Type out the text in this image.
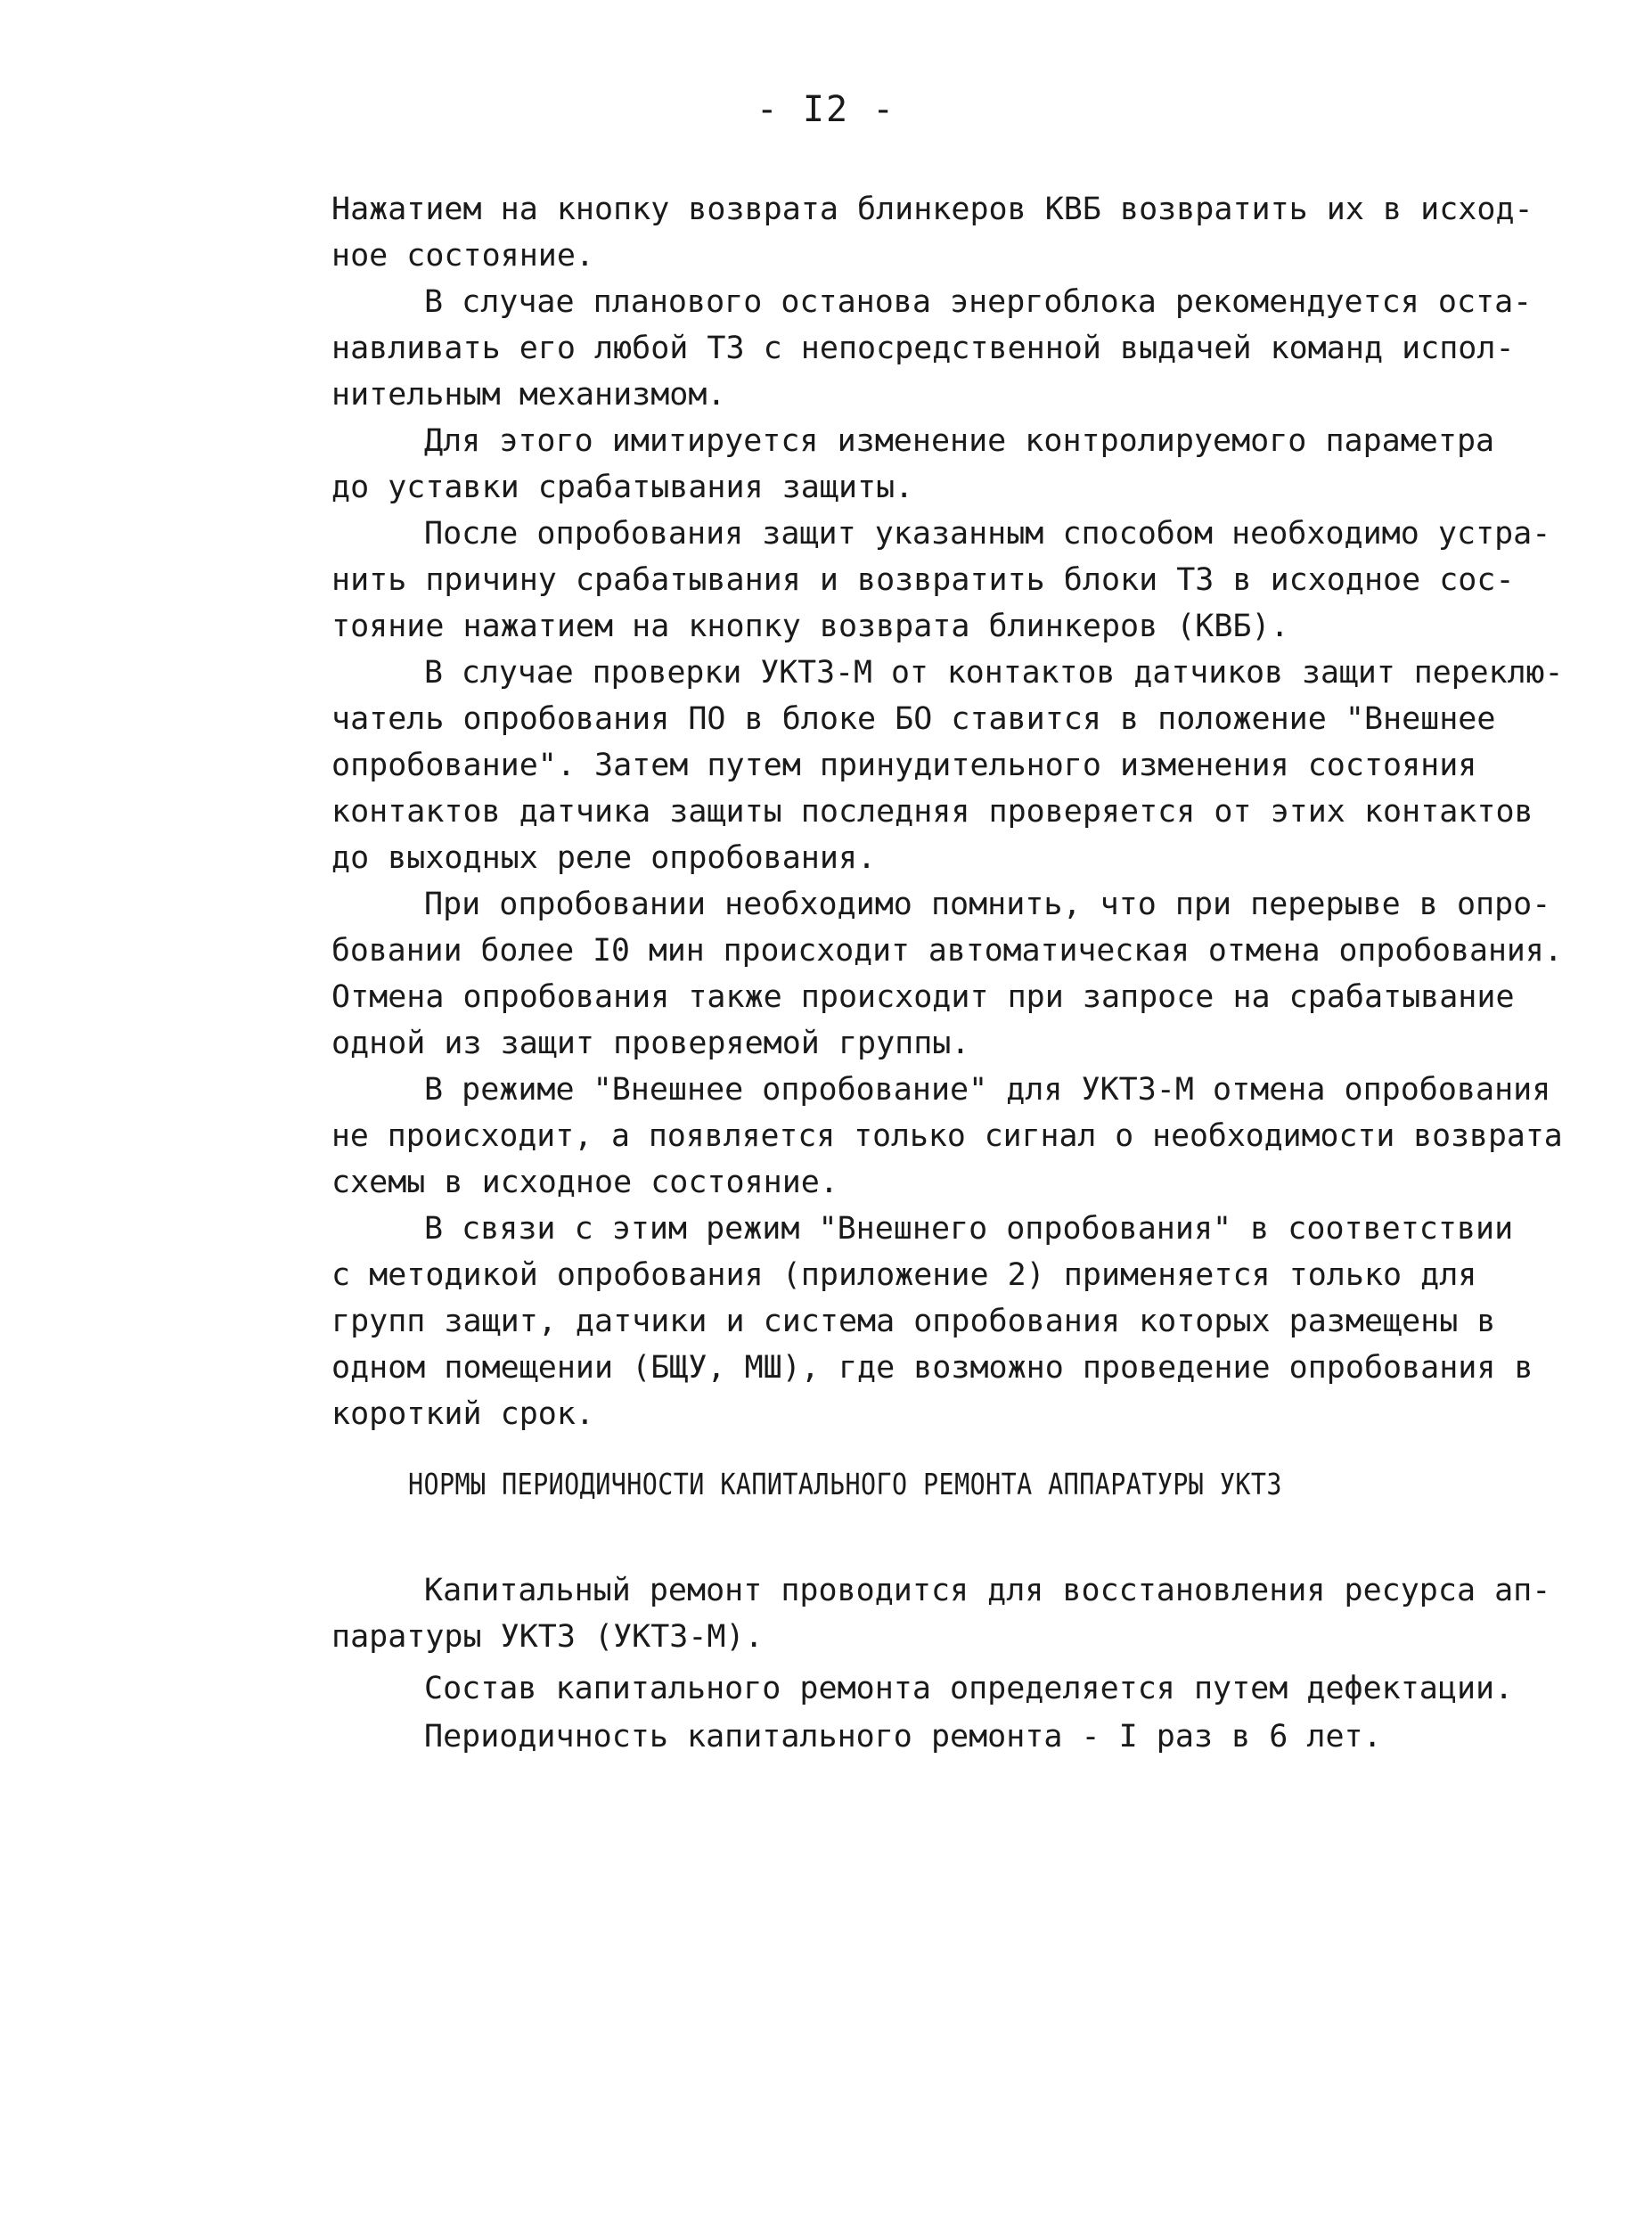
- I2 -
Нажатием на кнопку возврата блинкеров КВБ возвратить их в исход-
ное состояние.
В случае планового останова энергоблока рекомендуется оста-
навливать его любой ТЗ с непосредственной выдачей команд испол-
нительным механизмом.
Для этого имитируется изменение контролируемого параметра
до уставки срабатывания защиты.
После опробования защит указанным способом необходимо устра-
нить причину срабатывания и возвратить блоки ТЗ в исходное сос-
тояние нажатием на кнопку возврата блинкеров (КВБ).
В случае проверки УКТЗ-М от контактов датчиков защит переклю-
чатель опробования ПО в блоке БО ставится в положение "Внешнее
опробование". Затем путем принудительного изменения состояния
контактов датчика защиты последняя проверяется от этих контактов
до выходных реле опробования.
При опробовании необходимо помнить, что при перерыве в опро-
бовании более I0 мин происходит автоматическая отмена опробования.
Отмена опробования также происходит при запросе на срабатывание
одной из защит проверяемой группы.
В режиме "Внешнее опробование" для УКТЗ-М отмена опробования
не происходит, а появляется только сигнал о необходимости возврата
схемы в исходное состояние.
В связи с этим режим "Внешнего опробования" в соответствии
с методикой опробования (приложение 2) применяется только для
групп защит, датчики и система опробования которых размещены в
одном помещении (БЩУ, МШ), где возможно проведение опробования в
короткий срок.
НОРМЫ ПЕРИОДИЧНОСТИ КАПИТАЛЬНОГО РЕМОНТА АППАРАТУРЫ УКТЗ
Капитальный ремонт проводится для восстановления ресурса ап-
паратуры УКТЗ (УКТЗ-М).
Состав капитального ремонта определяется путем дефектации.
Периодичность капитального ремонта - I раз в 6 лет.
